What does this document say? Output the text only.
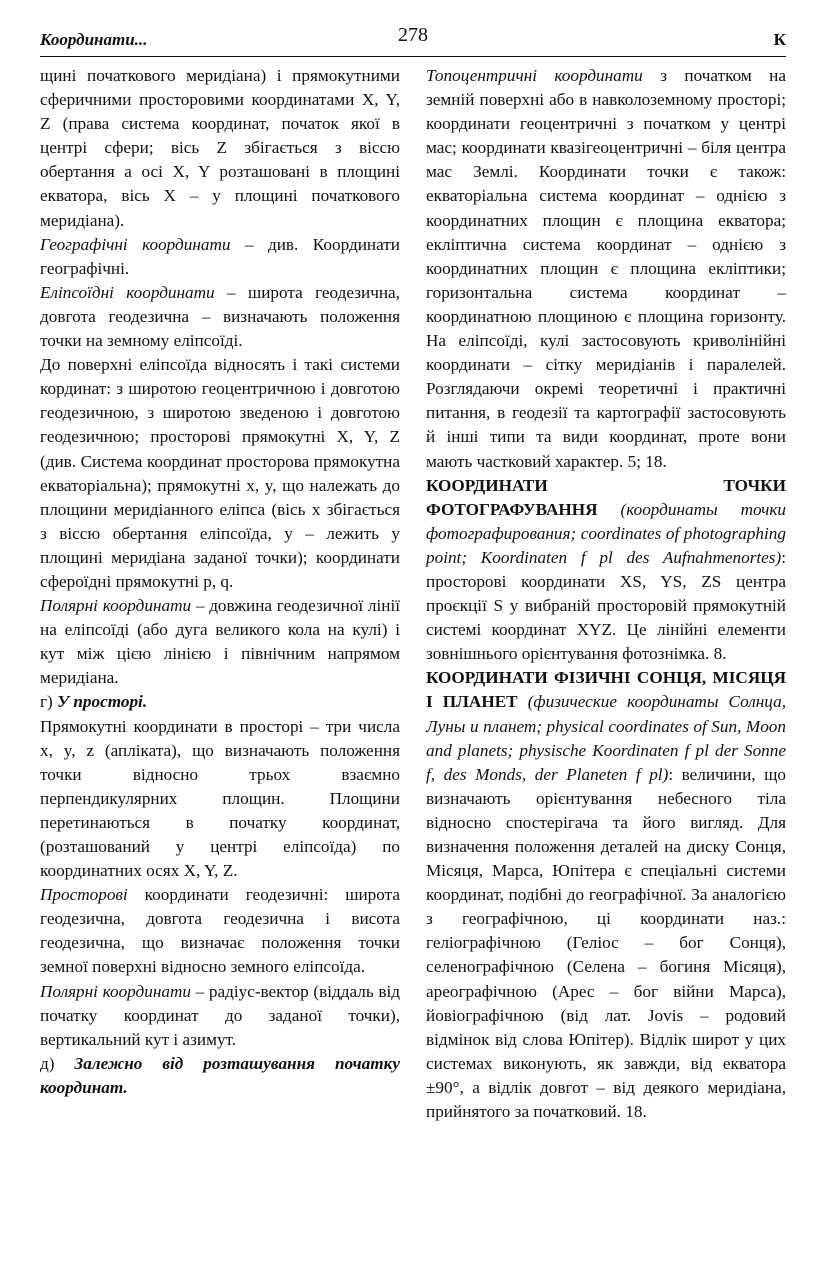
Координати...	278	К

щині початкового меридіана) і прямокутними сферичними просторовими координатами X, Y, Z (права система координат, початок якої в центрі сфери; вісь Z збігається з віссю обертання а осі X, Y розташовані в площині екватора, вісь X – у площині початкового меридіана).

Географічні координати – див. Координати географічні.

Еліпсоїдні координати – широта геодезична, довгота геодезична – визначають положення точки на земному еліпсоїді.

До поверхні еліпсоїда відносять і такі системи кординат: з широтою геоцентричною і довготою геодезичною, з широтою зведеною і довготою геодезичною; просторові прямокутні X, Y, Z (див. Система координат просторова прямокутна екваторіальна); прямокутні x, y, що належать до площини меридіанного еліпса (вісь x збігається з віссю обертання еліпсоїда, y – лежить у площині меридіана заданої точки); координати сфероїдні прямокутні p, q.

Полярні координати – довжина геодезичної лінії на еліпсоїді (або дуга великого кола на кулі) і кут між цією лінією і північним напрямом меридіана.

г) У просторі.

Прямокутні координати в просторі – три числа x, y, z (апліката), що визначають положення точки відносно трьох взаємно перпендикулярних площин. Площини перетинаються в початку координат, (розташований у центрі еліпсоїда) по координатних осях X, Y, Z.

Просторові координати геодезичні: широта геодезична, довгота геодезична і висота геодезична, що визначає положення точки земної поверхні відносно земного еліпсоїда.

Полярні координати – радіус-вектор (віддаль від початку координат до заданої точки), вертикальний кут і азимут.

д) Залежно від розташування початку координат.

Топоцентричні координати з початком на земній поверхні або в навколоземному просторі; координати геоцентричні з початком у центрі мас; координати квазігеоцентричні – біля центра мас Землі. Координати точки є також: екваторіальна система координат – однією з координатних площин є площина екватора; екліптична система координат – однією з координатних площин є площина екліптики; горизонтальна система координат – координатною площиною є площина горизонту. На еліпсоїді, кулі застосовують криволінійні координати – сітку меридіанів і паралелей. Розглядаючи окремі теоретичні і практичні питання, в геодезії та картографії застосовують й інші типи та види координат, проте вони мають частковий характер. 5; 18.

КООРДИНАТИ ТОЧКИ ФОТОГРАФУВАННЯ (координаты точки фотографирования; coordinates of photographing point; Koordinaten f pl des Aufnahmenortes): просторові координати XS, YS, ZS центра проєкції S у вибраній просторовій прямокутній системі координат XYZ. Це лінійні елементи зовнішнього орієнтування фотознімка. 8.

КООРДИНАТИ ФІЗИЧНІ СОНЦЯ, МІСЯЦЯ І ПЛАНЕТ (физические координаты Солнца, Луны и планет; physical coordinates of Sun, Moon and planets; physische Koordinaten f pl der Sonne f, des Monds, der Planeten f pl): величини, що визначають орієнтування небесного тіла відносно спостерігача та його вигляд. Для визначення положення деталей на диску Сонця, Місяця, Марса, Юпітера є спеціальні системи координат, подібні до географічної. За аналогією з географічною, ці координати наз.: геліографічною (Геліос – бог Сонця), селенографічною (Селена – богиня Місяця), ареографічною (Арес – бог війни Марса), йовіографічною (від лат. Jovis – родовий відмінок від слова Юпітер). Відлік широт у цих системах виконують, як завжди, від екватора ±90°, а відлік довгот – від деякого меридіана, прийнятого за початковий. 18.
